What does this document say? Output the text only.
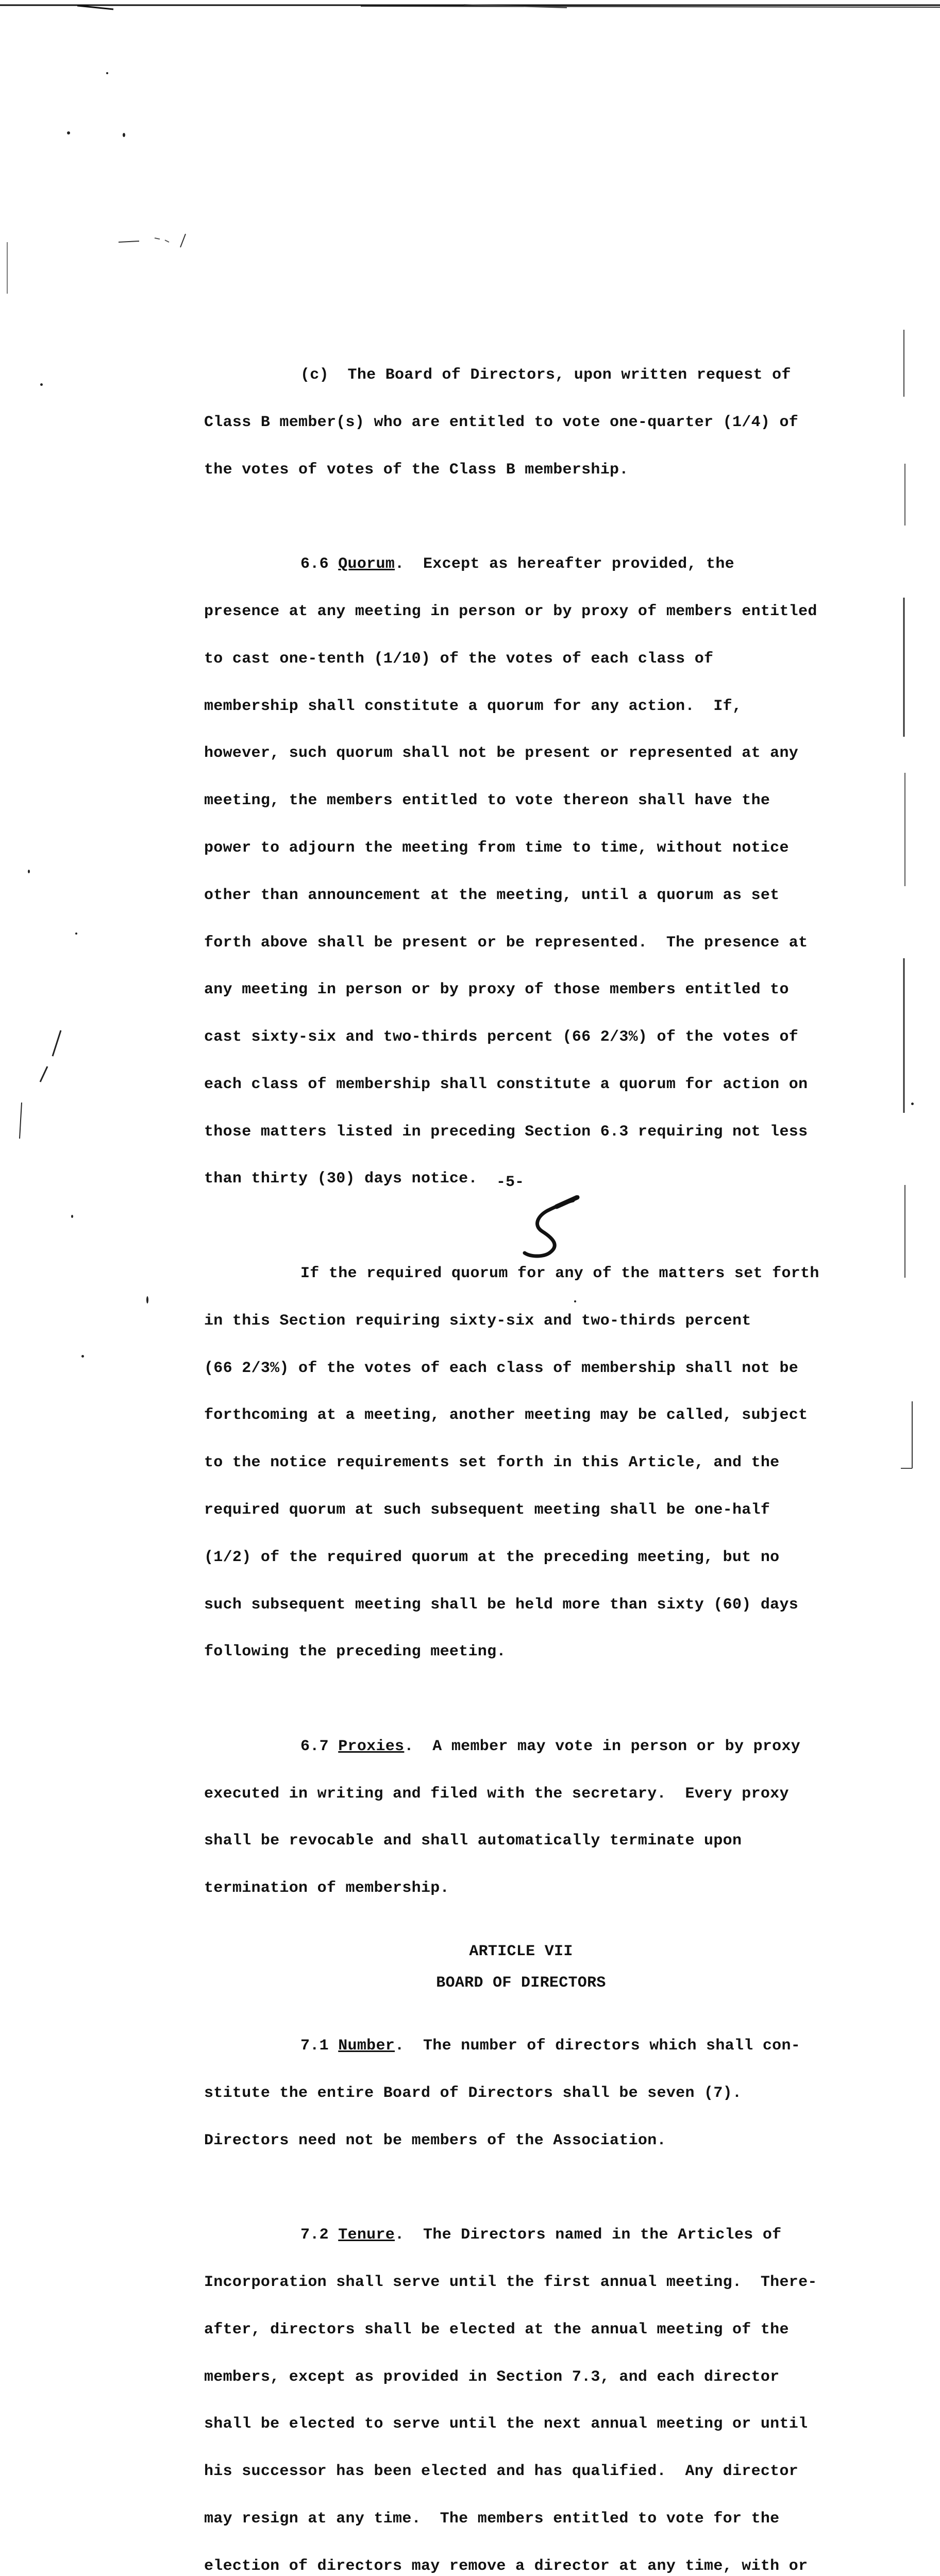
(c)  The Board of Directors, upon written request of

Class B member(s) who are entitled to vote one-quarter (1/4) of

the votes of votes of the Class B membership.

6.6 Quorum.  Except as hereafter provided, the

presence at any meeting in person or by proxy of members entitled

to cast one-tenth (1/10) of the votes of each class of

membership shall constitute a quorum for any action.  If,

however, such quorum shall not be present or represented at any

meeting, the members entitled to vote thereon shall have the

power to adjourn the meeting from time to time, without notice

other than announcement at the meeting, until a quorum as set

forth above shall be present or be represented.  The presence at

any meeting in person or by proxy of those members entitled to

cast sixty-six and two-thirds percent (66 2/3%) of the votes of

each class of membership shall constitute a quorum for action on

those matters listed in preceding Section 6.3 requiring not less

than thirty (30) days notice.

If the required quorum for any of the matters set forth

in this Section requiring sixty-six and two-thirds percent

(66 2/3%) of the votes of each class of membership shall not be

forthcoming at a meeting, another meeting may be called, subject

to the notice requirements set forth in this Article, and the

required quorum at such subsequent meeting shall be one-half

(1/2) of the required quorum at the preceding meeting, but no

such subsequent meeting shall be held more than sixty (60) days

following the preceding meeting.

6.7 Proxies.  A member may vote in person or by proxy

executed in writing and filed with the secretary.  Every proxy

shall be revocable and shall automatically terminate upon

termination of membership.

ARTICLE VII
BOARD OF DIRECTORS

7.1 Number.  The number of directors which shall con-

stitute the entire Board of Directors shall be seven (7).

Directors need not be members of the Association.

7.2 Tenure.  The Directors named in the Articles of

Incorporation shall serve until the first annual meeting.  There-

after, directors shall be elected at the annual meeting of the

members, except as provided in Section 7.3, and each director

shall be elected to serve until the next annual meeting or until

his successor has been elected and has qualified.  Any director

may resign at any time.  The members entitled to vote for the

election of directors may remove a director at any time, with or

-5-
